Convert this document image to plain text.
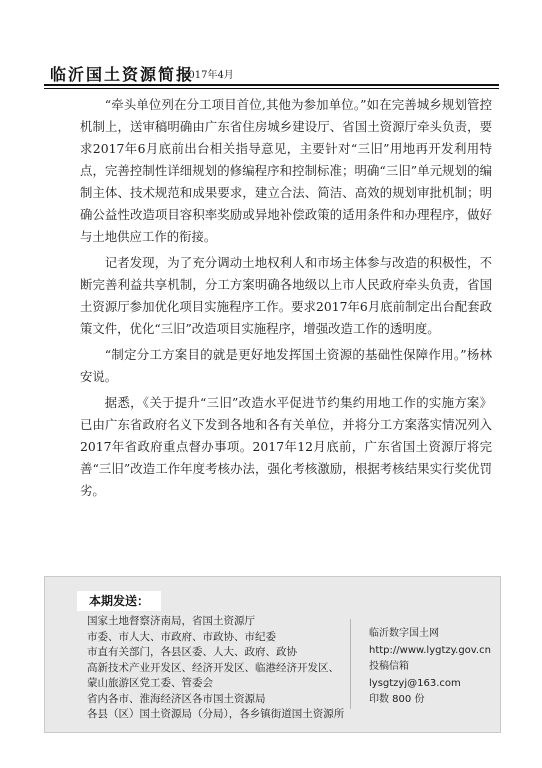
临沂国土资源简报
2017年4月

“牵头单位列在分工项目首位,其他为参加单位。”如在完善城乡规划管控机制上，送审稿明确由广东省住房城乡建设厅、省国土资源厅牵头负责，要求2017年6月底前出台相关指导意见，主要针对“三旧”用地再开发利用特点，完善控制性详细规划的修编程序和控制标准；明确“三旧”单元规划的编制主体、技术规范和成果要求，建立合法、简洁、高效的规划审批机制；明确公益性改造项目容积率奖励或异地补偿政策的适用条件和办理程序，做好与土地供应工作的衔接。

记者发现，为了充分调动土地权利人和市场主体参与改造的积极性，不断完善利益共享机制，分工方案明确各地级以上市人民政府牵头负责，省国土资源厅参加优化项目实施程序工作。要求2017年6月底前制定出台配套政策文件，优化“三旧”改造项目实施程序，增强改造工作的透明度。

“制定分工方案目的就是更好地发挥国土资源的基础性保障作用。”杨林安说。

据悉，《关于提升“三旧”改造水平促进节约集约用地工作的实施方案》已由广东省政府名义下发到各地和各有关单位，并将分工方案落实情况列入2017年省政府重点督办事项。2017年12月底前，广东省国土资源厅将完善“三旧”改造工作年度考核办法，强化考核激励，根据考核结果实行奖优罚劣。

本期发送：
国家土地督察济南局，省国土资源厅
市委、市人大、市政府、市政协、市纪委
市直有关部门，各县区委、人大、政府、政协
高新技术产业开发区、经济开发区、临港经济开发区、
蒙山旅游区党工委、管委会
省内各市、淮海经济区各市国土资源局
各县（区）国土资源局（分局），各乡镇街道国土资源所
临沂数字国土网
http://www.lygtzy.gov.cn
投稿信箱
lysgtzyj@163.com
印数 800 份
